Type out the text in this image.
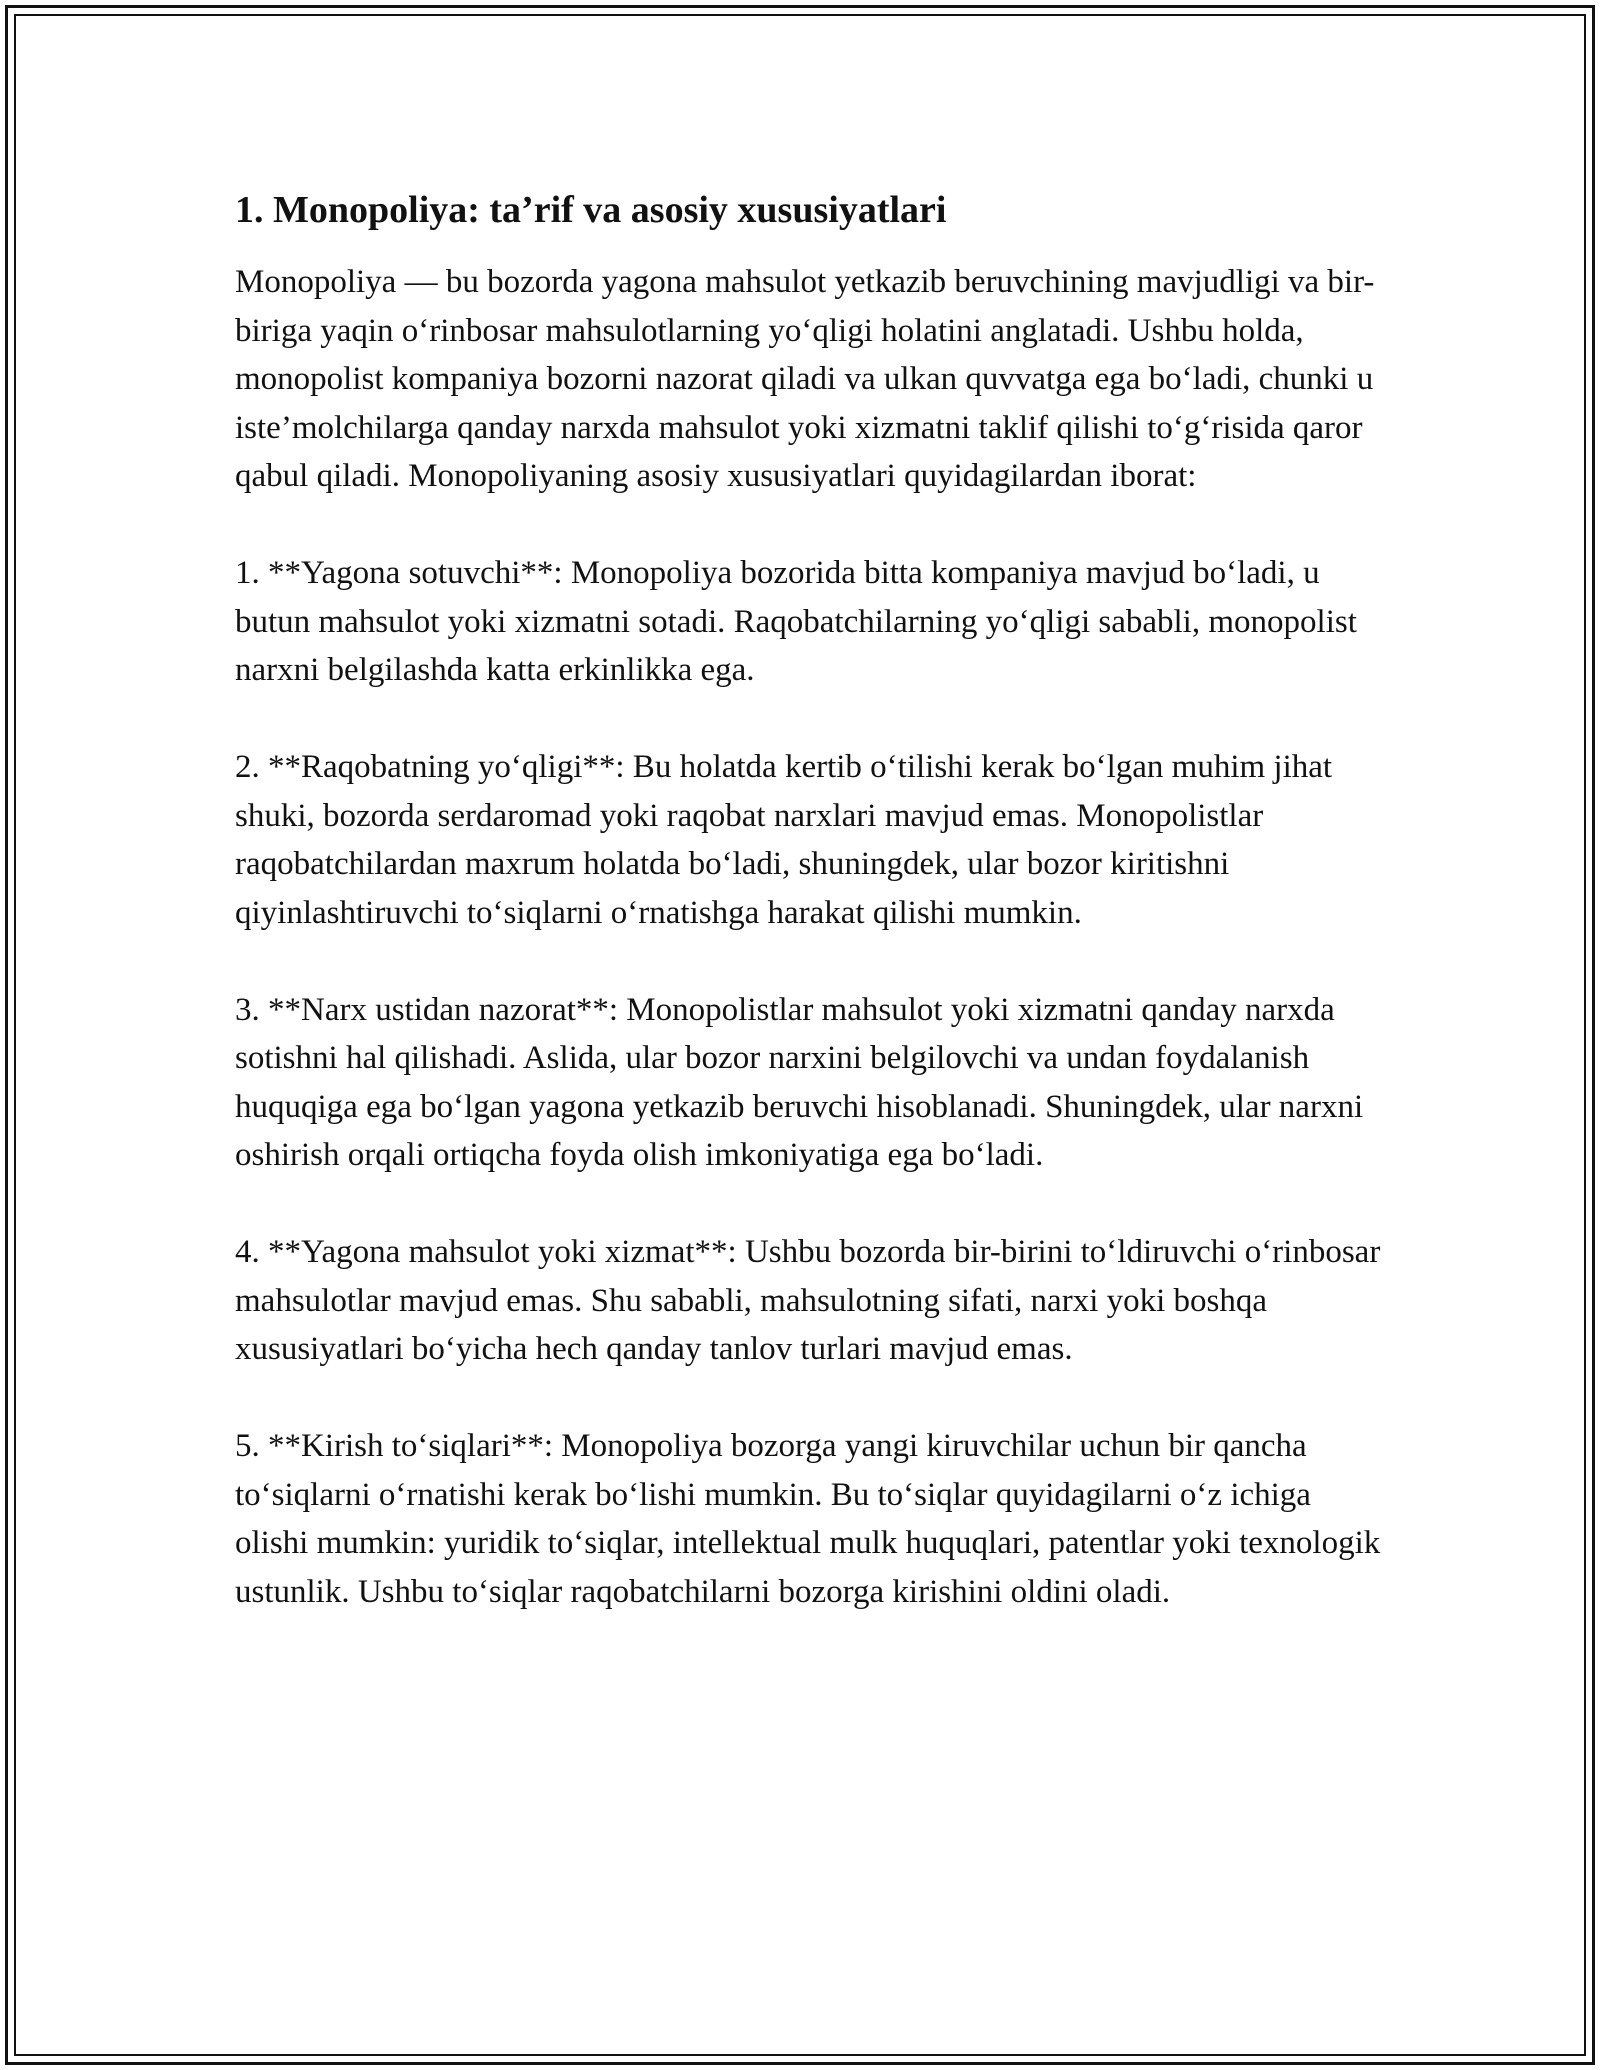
1. Monopoliya: ta’rif va asosiy xususiyatlari

Monopoliya — bu bozorda yagona mahsulot yetkazib beruvchining mavjudligi va bir-biriga yaqin o‘rinbosar mahsulotlarning yo‘qligi holatini anglatadi. Ushbu holda, monopolist kompaniya bozorni nazorat qiladi va ulkan quvvatga ega bo‘ladi, chunki u iste’molchilarga qanday narxda mahsulot yoki xizmatni taklif qilishi to‘g‘risida qaror qabul qiladi. Monopoliyaning asosiy xususiyatlari quyidagilardan iborat:

1. **Yagona sotuvchi**: Monopoliya bozorida bitta kompaniya mavjud bo‘ladi, u butun mahsulot yoki xizmatni sotadi. Raqobatchilarning yo‘qligi sababli, monopolist narxni belgilashda katta erkinlikka ega.

2. **Raqobatning yo‘qligi**: Bu holatda kertib o‘tilishi kerak bo‘lgan muhim jihat shuki, bozorda serdaromad yoki raqobat narxlari mavjud emas. Monopolistlar raqobatchilardan maxrum holatda bo‘ladi, shuningdek, ular bozor kiritishni qiyinlashtiruvchi to‘siqlarni o‘rnatishga harakat qilishi mumkin.

3. **Narx ustidan nazorat**: Monopolistlar mahsulot yoki xizmatni qanday narxda sotishni hal qilishadi. Aslida, ular bozor narxini belgilovchi va undan foydalanish huquqiga ega bo‘lgan yagona yetkazib beruvchi hisoblanadi. Shuningdek, ular narxni oshirish orqali ortiqcha foyda olish imkoniyatiga ega bo‘ladi.

4. **Yagona mahsulot yoki xizmat**: Ushbu bozorda bir-birini to‘ldiruvchi o‘rinbosar mahsulotlar mavjud emas. Shu sababli, mahsulotning sifati, narxi yoki boshqa xususiyatlari bo‘yicha hech qanday tanlov turlari mavjud emas.

5. **Kirish to‘siqlari**: Monopoliya bozorga yangi kiruvchilar uchun bir qancha to‘siqlarni o‘rnatishi kerak bo‘lishi mumkin. Bu to‘siqlar quyidagilarni o‘z ichiga olishi mumkin: yuridik to‘siqlar, intellektual mulk huquqlari, patentlar yoki texnologik ustunlik. Ushbu to‘siqlar raqobatchilarni bozorga kirishini oldini oladi.
